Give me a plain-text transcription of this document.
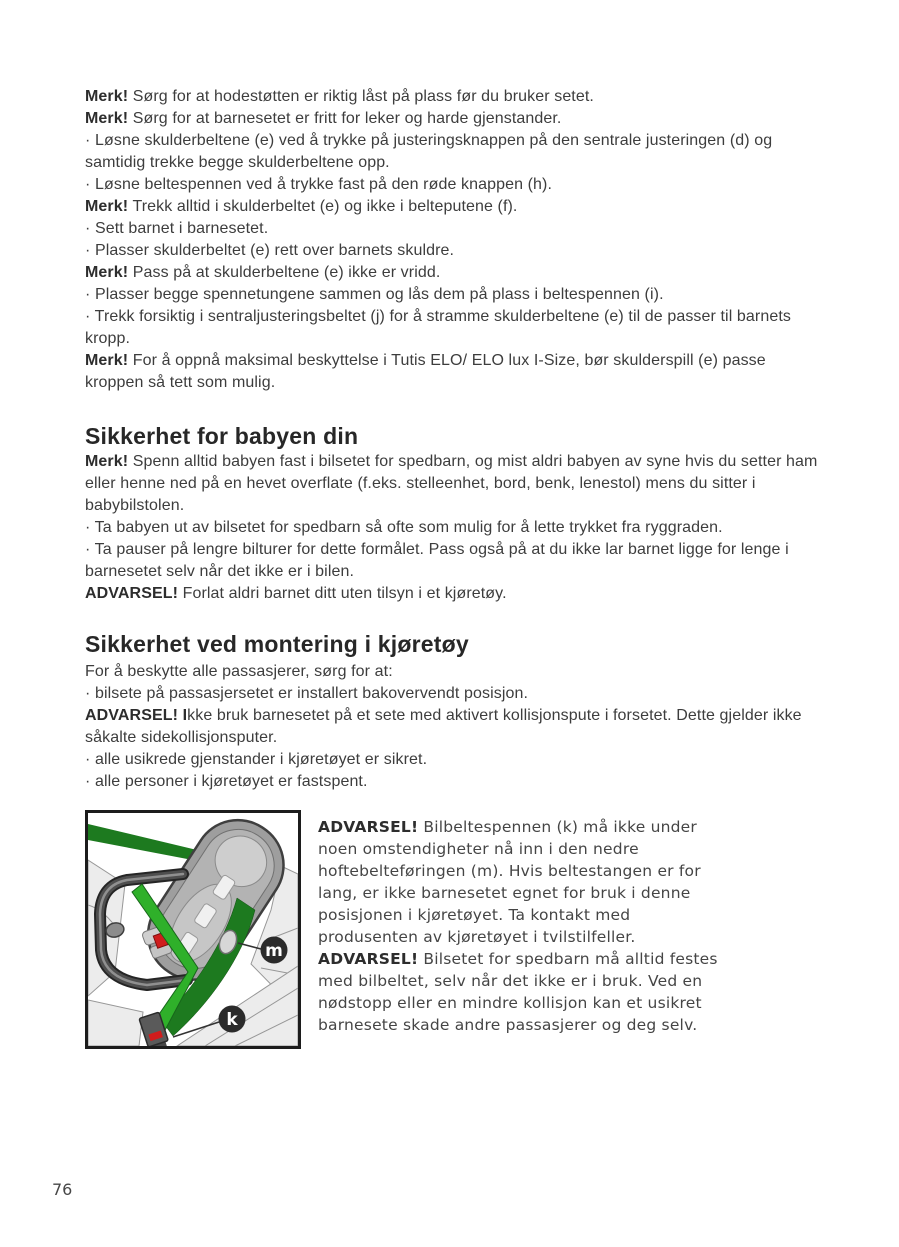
Merk! Sørg for at hodestøtten er riktig låst på plass før du bruker setet.

Merk! Sørg for at barnesetet er fritt for leker og harde gjenstander.

· Løsne skulderbeltene (e) ved å trykke på justeringsknappen på den sentrale justeringen (d) og samtidig trekke begge skulderbeltene opp.

· Løsne beltespennen ved å trykke fast på den røde knappen (h).

Merk! Trekk alltid i skulderbeltet (e) og ikke i belteputene (f).

· Sett barnet i barnesetet.

· Plasser skulderbeltet (e) rett over barnets skuldre.

Merk! Pass på at skulderbeltene (e) ikke er vridd.

· Plasser begge spennetungene sammen og lås dem på plass i beltespennen (i).

· Trekk forsiktig i sentraljusteringsbeltet (j) for å stramme skulderbeltene (e) til de passer til barnets kropp.

Merk! For å oppnå maksimal beskyttelse i Tutis ELO/ ELO lux I-Size, bør skulderspill (e) passe kroppen så tett som mulig.

Sikkerhet for babyen din

Merk! Spenn alltid babyen fast i bilsetet for spedbarn, og mist aldri babyen av syne hvis du setter ham eller henne ned på en hevet overflate (f.eks. stelleenhet, bord, benk, lenestol) mens du sitter i babybilstolen.

· Ta babyen ut av bilsetet for spedbarn så ofte som mulig for å lette trykket fra ryggraden.

· Ta pauser på lengre bilturer for dette formålet. Pass også på at du ikke lar barnet ligge for lenge i barnesetet selv når det ikke er i bilen.

ADVARSEL! Forlat aldri barnet ditt uten tilsyn i et kjøretøy.

Sikkerhet ved montering i kjøretøy

For å beskytte alle passasjerer, sørg for at:

· bilsete på passasjersetet er installert bakovervendt posisjon.

ADVARSEL! Ikke bruk barnesetet på et sete med aktivert kollisjonspute i forsetet. Dette gjelder ikke såkalte sidekollisjonsputer.

· alle usikrede gjenstander i kjøretøyet er sikret.

· alle personer i kjøretøyet er fastspent.

m
k

ADVARSEL! Bilbeltespennen (k) må ikke under noen omstendigheter nå inn i den nedre hoftebelteføringen (m). Hvis beltestangen er for lang, er ikke barnesetet egnet for bruk i denne posisjonen i kjøretøyet. Ta kontakt med produsenten av kjøretøyet i tvilstilfeller.

ADVARSEL! Bilsetet for spedbarn må alltid festes med bilbeltet, selv når det ikke er i bruk. Ved en nødstopp eller en mindre kollisjon kan et usikret barnesete skade andre passasjerer og deg selv.

76
